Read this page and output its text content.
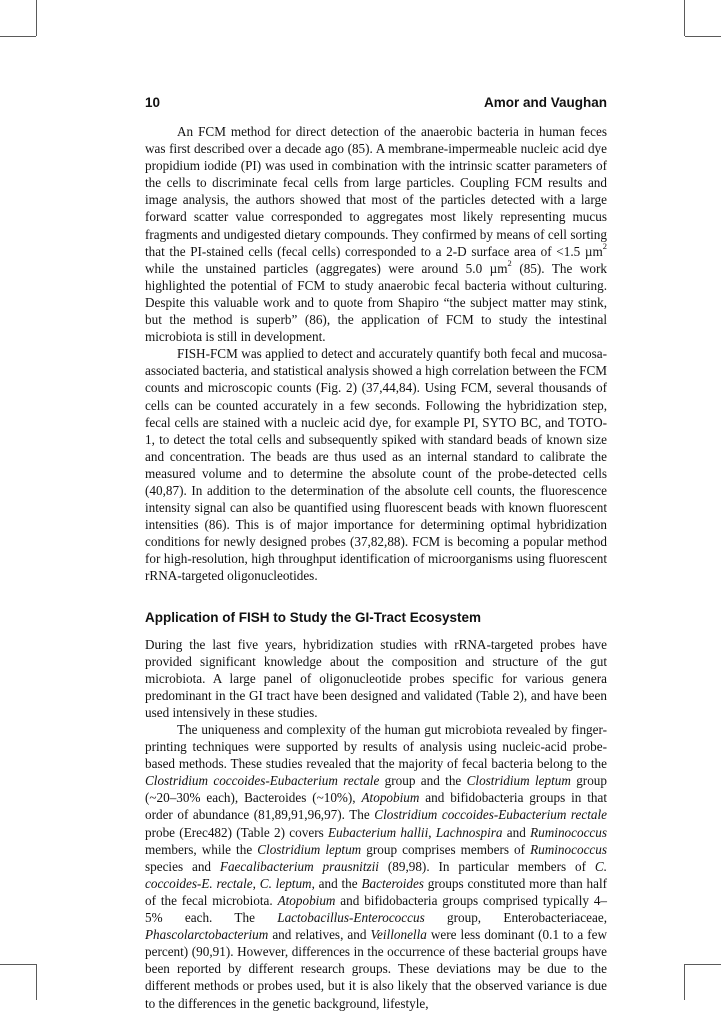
10	Amor and Vaughan

An FCM method for direct detection of the anaerobic bacteria in human feces was first described over a decade ago (85). A membrane-impermeable nucleic acid dye propidium iodide (PI) was used in combination with the intrinsic scatter parameters of the cells to discriminate fecal cells from large particles. Coupling FCM results and image analysis, the authors showed that most of the particles detected with a large forward scatter value corresponded to aggregates most likely representing mucus fragments and undigested dietary compounds. They confirmed by means of cell sorting that the PI-stained cells (fecal cells) corresponded to a 2-D surface area of <1.5 µm$^2$ while the unstained particles (aggregates) were around 5.0 µm$^2$ (85). The work highlighted the potential of FCM to study anaerobic fecal bacteria without culturing. Despite this valuable work and to quote from Shapiro “the subject matter may stink, but the method is superb” (86), the application of FCM to study the intestinal microbiota is still in development.

FISH-FCM was applied to detect and accurately quantify both fecal and mucosa-associated bacteria, and statistical analysis showed a high correlation between the FCM counts and microscopic counts (Fig. 2) (37,44,84). Using FCM, several thousands of cells can be counted accurately in a few seconds. Following the hybridization step, fecal cells are stained with a nucleic acid dye, for example PI, SYTO BC, and TOTO-1, to detect the total cells and subsequently spiked with standard beads of known size and concentration. The beads are thus used as an internal standard to calibrate the measured volume and to determine the absolute count of the probe-detected cells (40,87). In addition to the determination of the absolute cell counts, the fluorescence intensity signal can also be quantified using fluorescent beads with known fluorescent intensities (86). This is of major importance for determining optimal hybridization conditions for newly designed probes (37,82,88). FCM is becoming a popular method for high-resolution, high throughput identification of microorganisms using fluorescent rRNA-targeted oligonucleotides.

Application of FISH to Study the GI-Tract Ecosystem

During the last five years, hybridization studies with rRNA-targeted probes have provided significant knowledge about the composition and structure of the gut microbiota. A large panel of oligonucleotide probes specific for various genera predominant in the GI tract have been designed and validated (Table 2), and have been used intensively in these studies.

The uniqueness and complexity of the human gut microbiota revealed by finger-printing techniques were supported by results of analysis using nucleic-acid probe-based methods. These studies revealed that the majority of fecal bacteria belong to the Clostridium coccoides-Eubacterium rectale group and the Clostridium leptum group (~20–30% each), Bacteroides (~10%), Atopobium and bifidobacteria groups in that order of abundance (81,89,91,96,97). The Clostridium coccoides-Eubacterium rectale probe (Erec482) (Table 2) covers Eubacterium hallii, Lachnospira and Ruminococcus members, while the Clostridium leptum group comprises members of Ruminococcus species and Faecalibacterium prausnitzii (89,98). In particular members of C. coccoides-E. rectale, C. leptum, and the Bacteroides groups constituted more than half of the fecal microbiota. Atopobium and bifidobacteria groups comprised typically 4–5% each. The Lactobacillus-Enterococcus group, Enterobacteriaceae, Phascolarctobacterium and relatives, and Veillonella were less dominant (0.1 to a few percent) (90,91). However, differences in the occurrence of these bacterial groups have been reported by different research groups. These deviations may be due to the different methods or probes used, but it is also likely that the observed variance is due to the differences in the genetic background, lifestyle,
